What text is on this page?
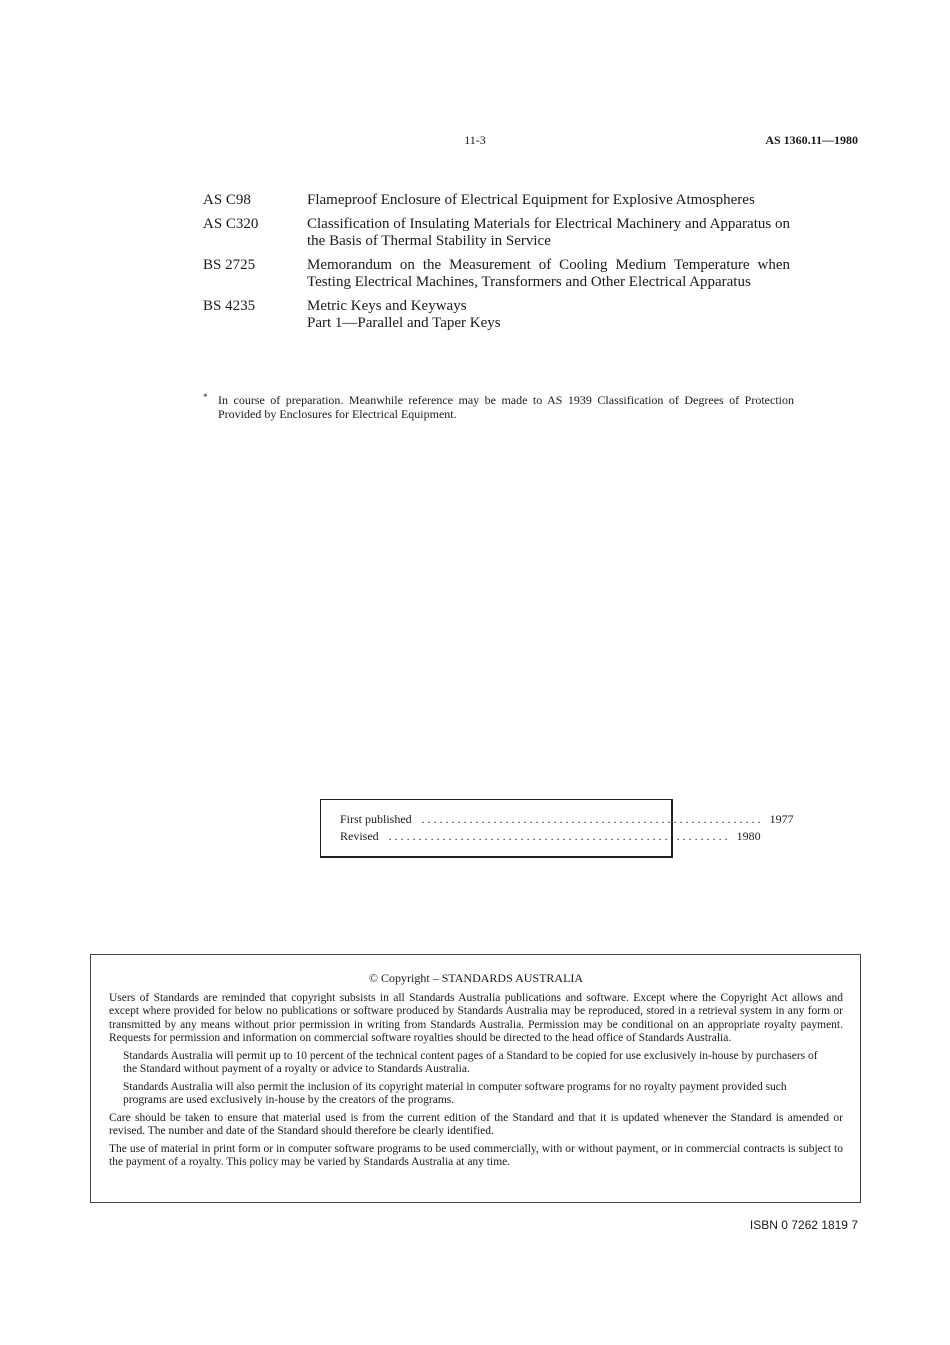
11-3	AS 1360.11—1980
AS C98	Flameproof Enclosure of Electrical Equipment for Explosive Atmospheres
AS C320	Classification of Insulating Materials for Electrical Machinery and Apparatus on the Basis of Thermal Stability in Service
BS 2725	Memorandum on the Measurement of Cooling Medium Temperature when Testing Electrical Machines, Transformers and Other Electrical Apparatus
BS 4235	Metric Keys and Keyways
Part 1—Parallel and Taper Keys
* In course of preparation. Meanwhile reference may be made to AS 1939 Classification of Degrees of Protection Provided by Enclosures for Electrical Equipment.
First published ......................................................... 1977
Revised ......................................................... 1980
© Copyright – STANDARDS AUSTRALIA

Users of Standards are reminded that copyright subsists in all Standards Australia publications and software. Except where the Copyright Act allows and except where provided for below no publications or software produced by Standards Australia may be reproduced, stored in a retrieval system in any form or transmitted by any means without prior permission in writing from Standards Australia. Permission may be conditional on an appropriate royalty payment. Requests for permission and information on commercial software royalties should be directed to the head office of Standards Australia.

Standards Australia will permit up to 10 percent of the technical content pages of a Standard to be copied for use exclusively in-house by purchasers of the Standard without payment of a royalty or advice to Standards Australia.

Standards Australia will also permit the inclusion of its copyright material in computer software programs for no royalty payment provided such programs are used exclusively in-house by the creators of the programs.

Care should be taken to ensure that material used is from the current edition of the Standard and that it is updated whenever the Standard is amended or revised. The number and date of the Standard should therefore be clearly identified.

The use of material in print form or in computer software programs to be used commercially, with or without payment, or in commercial contracts is subject to the payment of a royalty. This policy may be varied by Standards Australia at any time.

ISBN 0 7262 1819 7
